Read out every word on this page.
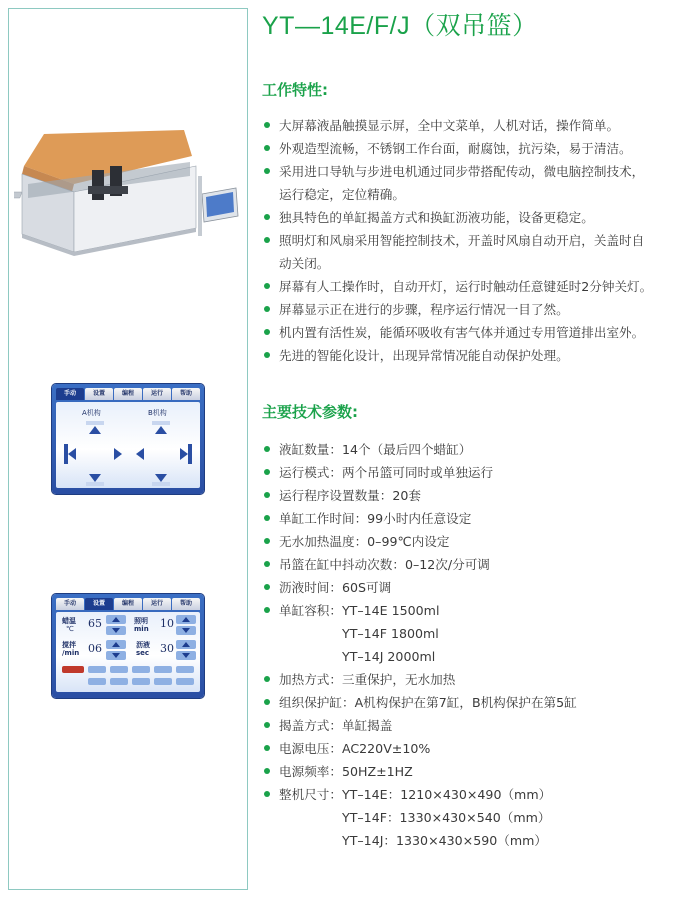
手动	设置	编程	运行	帮助
A机构	B机构
手动	设置	编程	运行	帮助
蜡温
℃ 65	照明
min 10
搅拌
/min 06	沥液
sec 30
YT—14E/F/J（双吊篮）
工作特性:
大屏幕液晶触摸显示屏，全中文菜单，人机对话，操作简单。
外观造型流畅，不锈钢工作台面，耐腐蚀，抗污染，易于清洁。
采用进口导轨与步进电机通过同步带搭配传动，微电脑控制技术，
运行稳定，定位精确。
独具特色的单缸揭盖方式和换缸沥液功能，设备更稳定。
照明灯和风扇采用智能控制技术，开盖时风扇自动开启，关盖时自
动关闭。
屏幕有人工操作时，自动开灯，运行时触动任意键延时2分钟关灯。
屏幕显示正在进行的步骤，程序运行情况一目了然。
机内置有活性炭，能循环吸收有害气体并通过专用管道排出室外。
先进的智能化设计，出现异常情况能自动保护处理。
主要技术参数:
液缸数量：14个（最后四个蜡缸）
运行模式：两个吊篮可同时或单独运行
运行程序设置数量：20套
单缸工作时间：99小时内任意设定
无水加热温度：0–99℃内设定
吊篮在缸中抖动次数：0–12次/分可调
沥液时间：60S可调
单缸容积：YT–14E 1500ml
YT–14F 1800ml
YT–14J 2000ml
加热方式：三重保护，无水加热
组织保护缸：A机构保护在第7缸，B机构保护在第5缸
揭盖方式：单缸揭盖
电源电压：AC220V±10%
电源频率：50HZ±1HZ
整机尺寸：YT–14E：1210×430×490（mm）
YT–14F：1330×430×540（mm）
YT–14J：1330×430×590（mm）
